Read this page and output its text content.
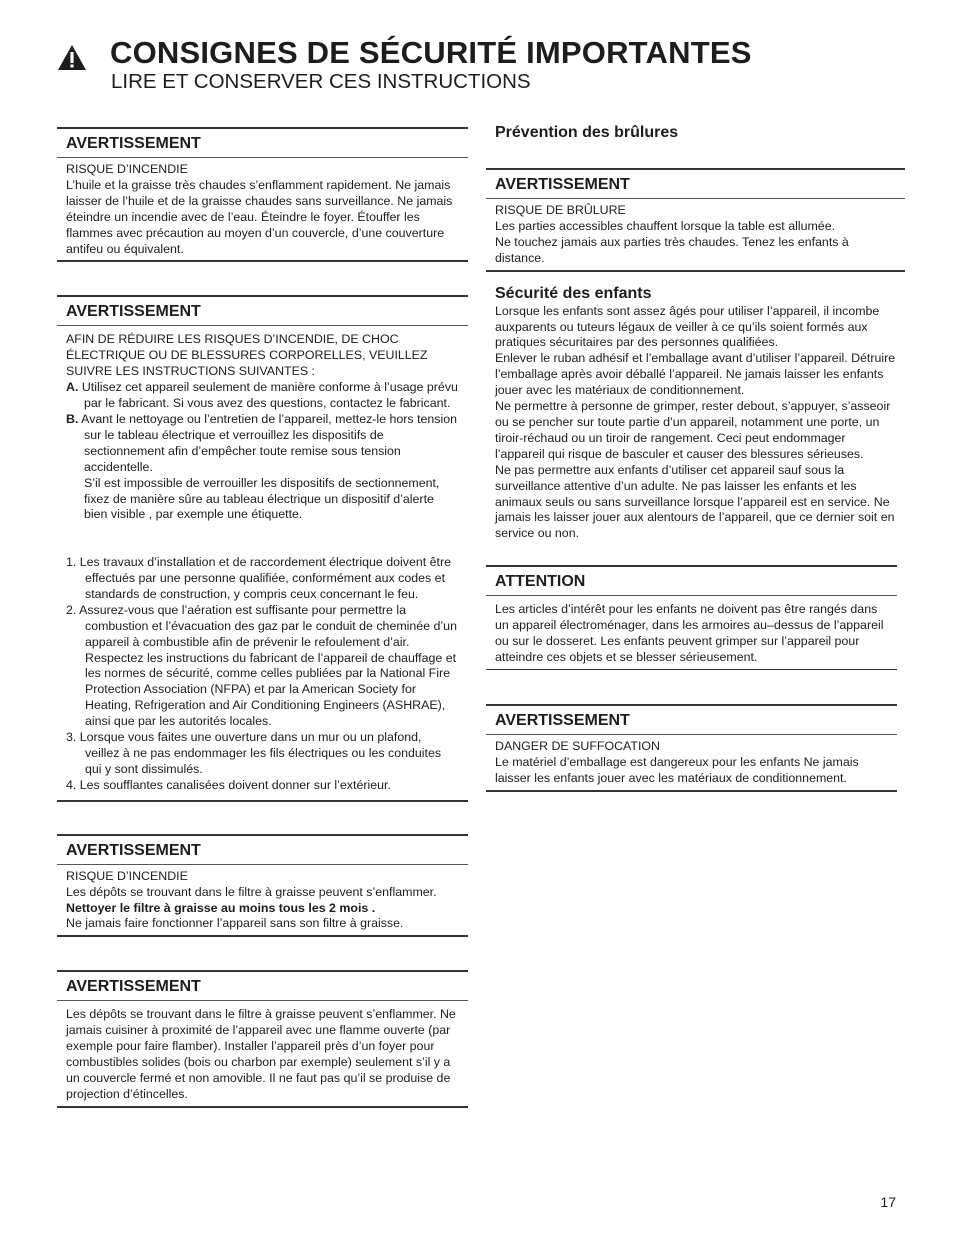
CONSIGNES DE SÉCURITÉ IMPORTANTES
LIRE ET CONSERVER CES INSTRUCTIONS
AVERTISSEMENT

RISQUE D’INCENDIE

L’huile et la graisse très chaudes s’enflamment rapidement. Ne jamais laisser de l’huile et de la graisse chaudes sans surveillance. Ne jamais éteindre un incendie avec de l’eau. Éteindre le foyer. Étouffer les flammes avec précaution au moyen d’un couvercle, d’une couverture antifeu ou équivalent.

AVERTISSEMENT

AFIN DE RÉDUIRE LES RISQUES D’INCENDIE, DE CHOC ÉLECTRIQUE OU DE BLESSURES CORPORELLES, VEUILLEZ SUIVRE LES INSTRUCTIONS SUIVANTES :

A. Utilisez cet appareil seulement de manière conforme à l’usage prévu par le fabricant. Si vous avez des questions, contactez le fabricant.

B. Avant le nettoyage ou l’entretien de l’appareil, mettez-le hors tension sur le tableau électrique et verrouillez les dispositifs de sectionnement afin d’empêcher toute remise sous tension accidentelle.

S’il est impossible de verrouiller les dispositifs de sectionnement, fixez de manière sûre au tableau électrique un dispositif d’alerte bien visible , par exemple une étiquette.

1. Les travaux d’installation et de raccordement électrique doivent être effectués par une personne qualifiée, conformément aux codes et standards de construction, y compris ceux concernant le feu.

2. Assurez-vous que l’aération est suffisante pour permettre la combustion et l’évacuation des gaz par le conduit de cheminée d’un appareil à combustible afin de prévenir le refoulement d’air. Respectez les instructions du fabricant de l’appareil de chauffage et les normes de sécurité, comme celles publiées par la National Fire Protection Association (NFPA) et par la American Society for Heating, Refrigeration and Air Conditioning Engineers (ASHRAE), ainsi que par les autorités locales.

3. Lorsque vous faites une ouverture dans un mur ou un plafond, veillez à ne pas endommager les fils électriques ou les conduites qui y sont dissimulés.

4. Les soufflantes canalisées doivent donner sur l’extérieur.

AVERTISSEMENT

RISQUE D’INCENDIE

Les dépôts se trouvant dans le filtre à graisse peuvent s’enflammer.

Nettoyer le filtre à graisse au moins tous les 2 mois .

Ne jamais faire fonctionner l’appareil sans son filtre à graisse.

AVERTISSEMENT

Les dépôts se trouvant dans le filtre à graisse peuvent s’enflammer. Ne jamais cuisiner à proximité de l’appareil avec une flamme ouverte (par exemple pour faire flamber). Installer l’appareil près d’un foyer pour combustibles solides (bois ou charbon par exemple) seulement s’il y a un couvercle fermé et non amovible. Il ne faut pas qu’il se produise de projection d’étincelles.

Prévention des brûlures
AVERTISSEMENT

RISQUE DE BRÛLURE

Les parties accessibles chauffent lorsque la table est allumée.

Ne touchez jamais aux parties très chaudes. Tenez les enfants à distance.

Sécurité des enfants

Lorsque les enfants sont assez âgés pour utiliser l’appareil, il incombe auxparents ou tuteurs légaux de veiller à ce qu’ils soient formés aux pratiques sécuritaires par des personnes qualifiées.

Enlever le ruban adhésif et l’emballage avant d’utiliser l’appareil. Détruire l’emballage après avoir déballé l’appareil. Ne jamais laisser les enfants jouer avec les matériaux de conditionnement.

Ne permettre à personne de grimper, rester debout, s’appuyer, s’asseoir ou se pencher sur toute partie d’un appareil, notamment une porte, un tiroir-réchaud ou un tiroir de rangement. Ceci peut endommager l’appareil qui risque de basculer et causer des blessures sérieuses.

Ne pas permettre aux enfants d’utiliser cet appareil sauf sous la surveillance attentive d’un adulte. Ne pas laisser les enfants et les animaux seuls ou sans surveillance lorsque l’appareil est en service. Ne jamais les laisser jouer aux alentours de l’appareil, que ce dernier soit en service ou non.

ATTENTION

Les articles d’intérêt pour les enfants ne doivent pas être rangés dans un appareil électroménager, dans les armoires au–dessus de l’appareil ou sur le dosseret. Les enfants peuvent grimper sur l’appareil pour atteindre ces objets et se blesser sérieusement.

AVERTISSEMENT

DANGER DE SUFFOCATION

Le matériel d’emballage est dangereux pour les enfants Ne jamais laisser les enfants jouer avec les matériaux de conditionnement.

17
